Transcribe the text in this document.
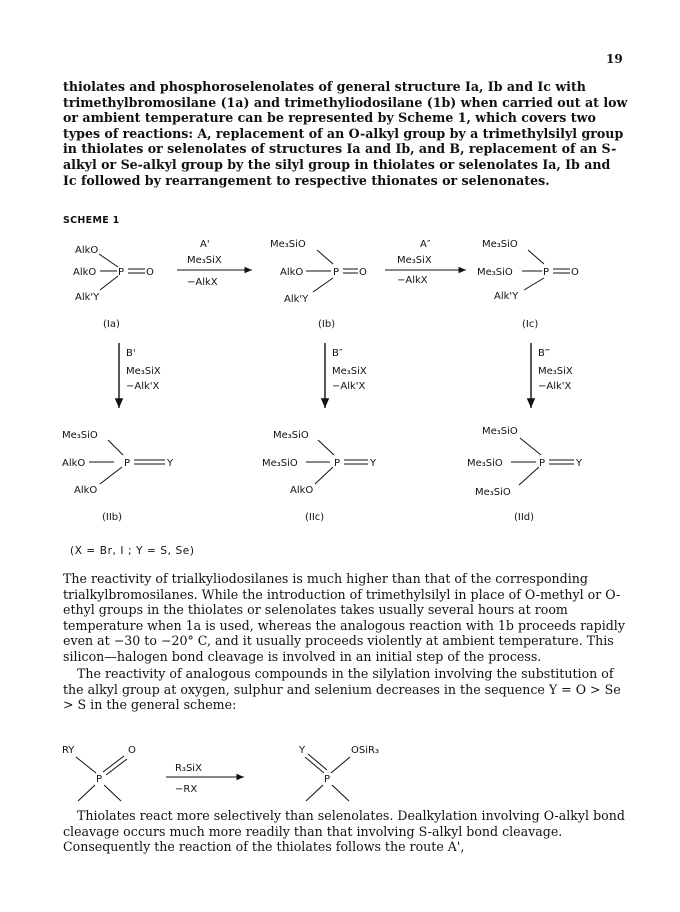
19

thiolates and phosphoroselenolates of general structure Ia, Ib and Ic with trimethylbromosilane (1a) and trimethyliodosilane (1b) when carried out at low or ambient temperature can be represented by Scheme 1, which covers two types of reactions: A, replacement of an O-alkyl group by a trimethylsilyl group in thiolates or selenolates of structures Ia and Ib, and B, replacement of an S-alkyl or Se-alkyl group by the silyl group in thiolates or selenolates Ia, Ib and Ic followed by rearrangement to respective thionates or selenonates.

SCHEME 1
AlkO
AlkO
Alk'Y
P O
(Ia)
A'
Me₃SiX
−AlkX
Me₃SiO
AlkO
Alk'Y
P O
(Ib)
A″
Me₃SiX
−AlkX
Me₃SiO
Me₃SiO
Alk'Y
P O
(Ic)
B'
Me₃SiX
−Alk'X
B″
Me₃SiX
−Alk'X
B‴
Me₃SiX
−Alk'X
Me₃SiO
AlkO
AlkO
P	Y
(IIb)
Me₃SiO
Me₃SiO
AlkO
P	Y
(IIc)
Me₃SiO
Me₃SiO
Me₃SiO
P	Y
(IId)
RY	O
P
R₃SiX
−RX
Y	OSiR₃
P
(X = Br, I ; Y = S, Se)

The reactivity of trialkyliodosilanes is much higher than that of the corresponding trialkylbromosilanes. While the introduction of trimethylsilyl in place of O-methyl or O-ethyl groups in the thiolates or selenolates takes usually several hours at room temperature when 1a is used, whereas the analogous reaction with 1b proceeds rapidly even at −30 to −20° C, and it usually proceeds violently at ambient temperature. This silicon—halogen bond cleavage is involved in an initial step of the process.

The reactivity of analogous compounds in the silylation involving the substitution of the alkyl group at oxygen, sulphur and selenium decreases in the sequence Y = O > Se > S in the general scheme:

Thiolates react more selectively than selenolates. Dealkylation involving O-alkyl bond cleavage occurs much more readily than that involving S-alkyl bond cleavage. Consequently the reaction of the thiolates follows the route A',
